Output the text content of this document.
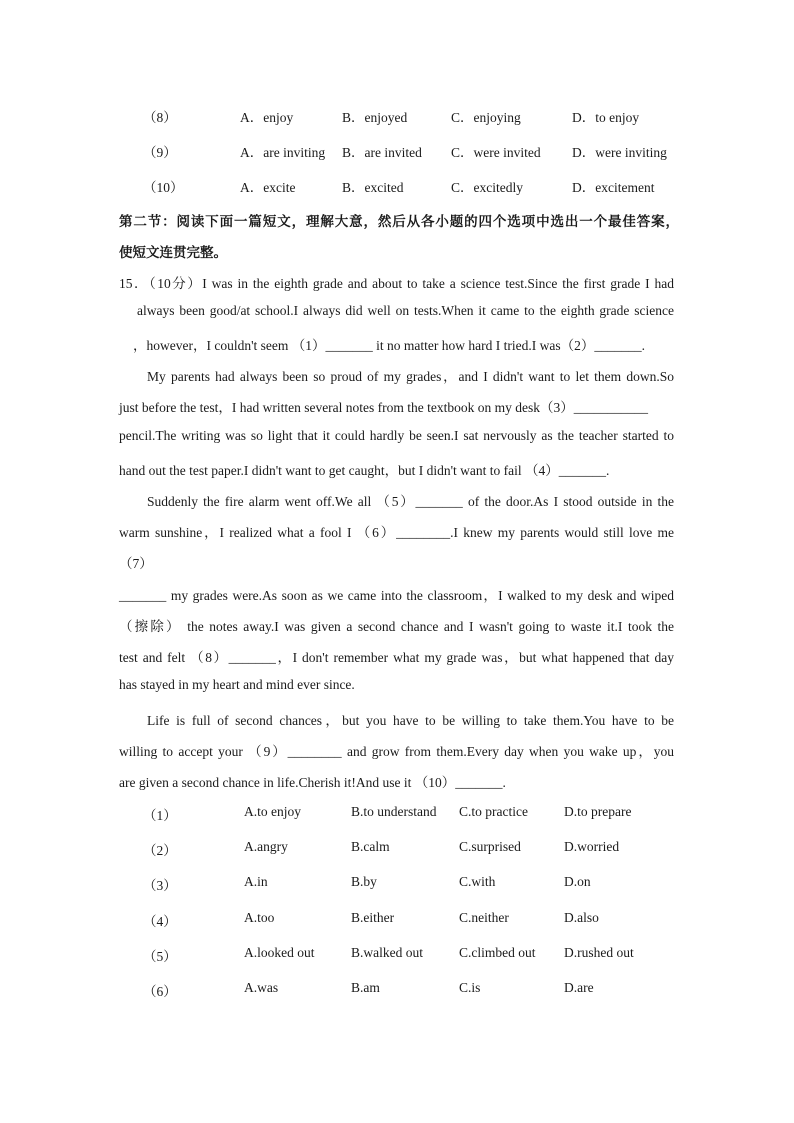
（8）	A．enjoy	B．enjoyed	C．enjoying	D．to enjoy
（9）	A．are inviting B．are invited C．were invited D．were inviting
（10）	A．excite	B．excited	C．excitedly	D．excitement
第二节：阅读下面一篇短文，理解大意，然后从各小题的四个选项中选出一个最佳答案，
使短文连贯完整。
15．（10分）I was in the eighth grade and about to take a science test.Since the first grade I had
always been good/at school.I always did well on tests.When it came to the eighth grade science
，however，I couldn't seem （1）_______ it no matter how hard I tried.I was（2）_______.
My parents had always been so proud of my grades，and I didn't want to let them down.So
just before the test，I had written several notes from the textbook on my desk（3）___________
pencil.The writing was so light that it could hardly be seen.I sat nervously as the teacher started to
hand out the test paper.I didn't want to get caught，but I didn't want to fail （4）_______.
Suddenly the fire alarm went off.We all （5）_______ of the door.As I stood outside in the
warm sunshine，I realized what a fool I （6）________.I knew my parents would still love me
（7）
_______ my grades were.As soon as we came into the classroom，I walked to my desk and wiped
（擦除） the notes away.I was given a second chance and I wasn't going to waste it.I took the
test and felt （8）_______，I don't remember what my grade was，but what happened that day
has stayed in my heart and mind ever since.
Life is full of second chances，but you have to be willing to take them.You have to be
willing to accept your （9）________ and grow from them.Every day when you wake up，you
are given a second chance in life.Cherish it!And use it （10）_______.
（1）	A.to enjoy	B.to understand C.to practice	D.to prepare
（2）	A.angry	B.calm	C.surprised	D.worried
（3）	A.in	B.by	C.with	D.on
（4）	A.too	B.either	C.neither	D.also
（5）	A.looked out	B.walked out	C.climbed out D.rushed out
（6）	A.was	B.am	C.is	D.are
